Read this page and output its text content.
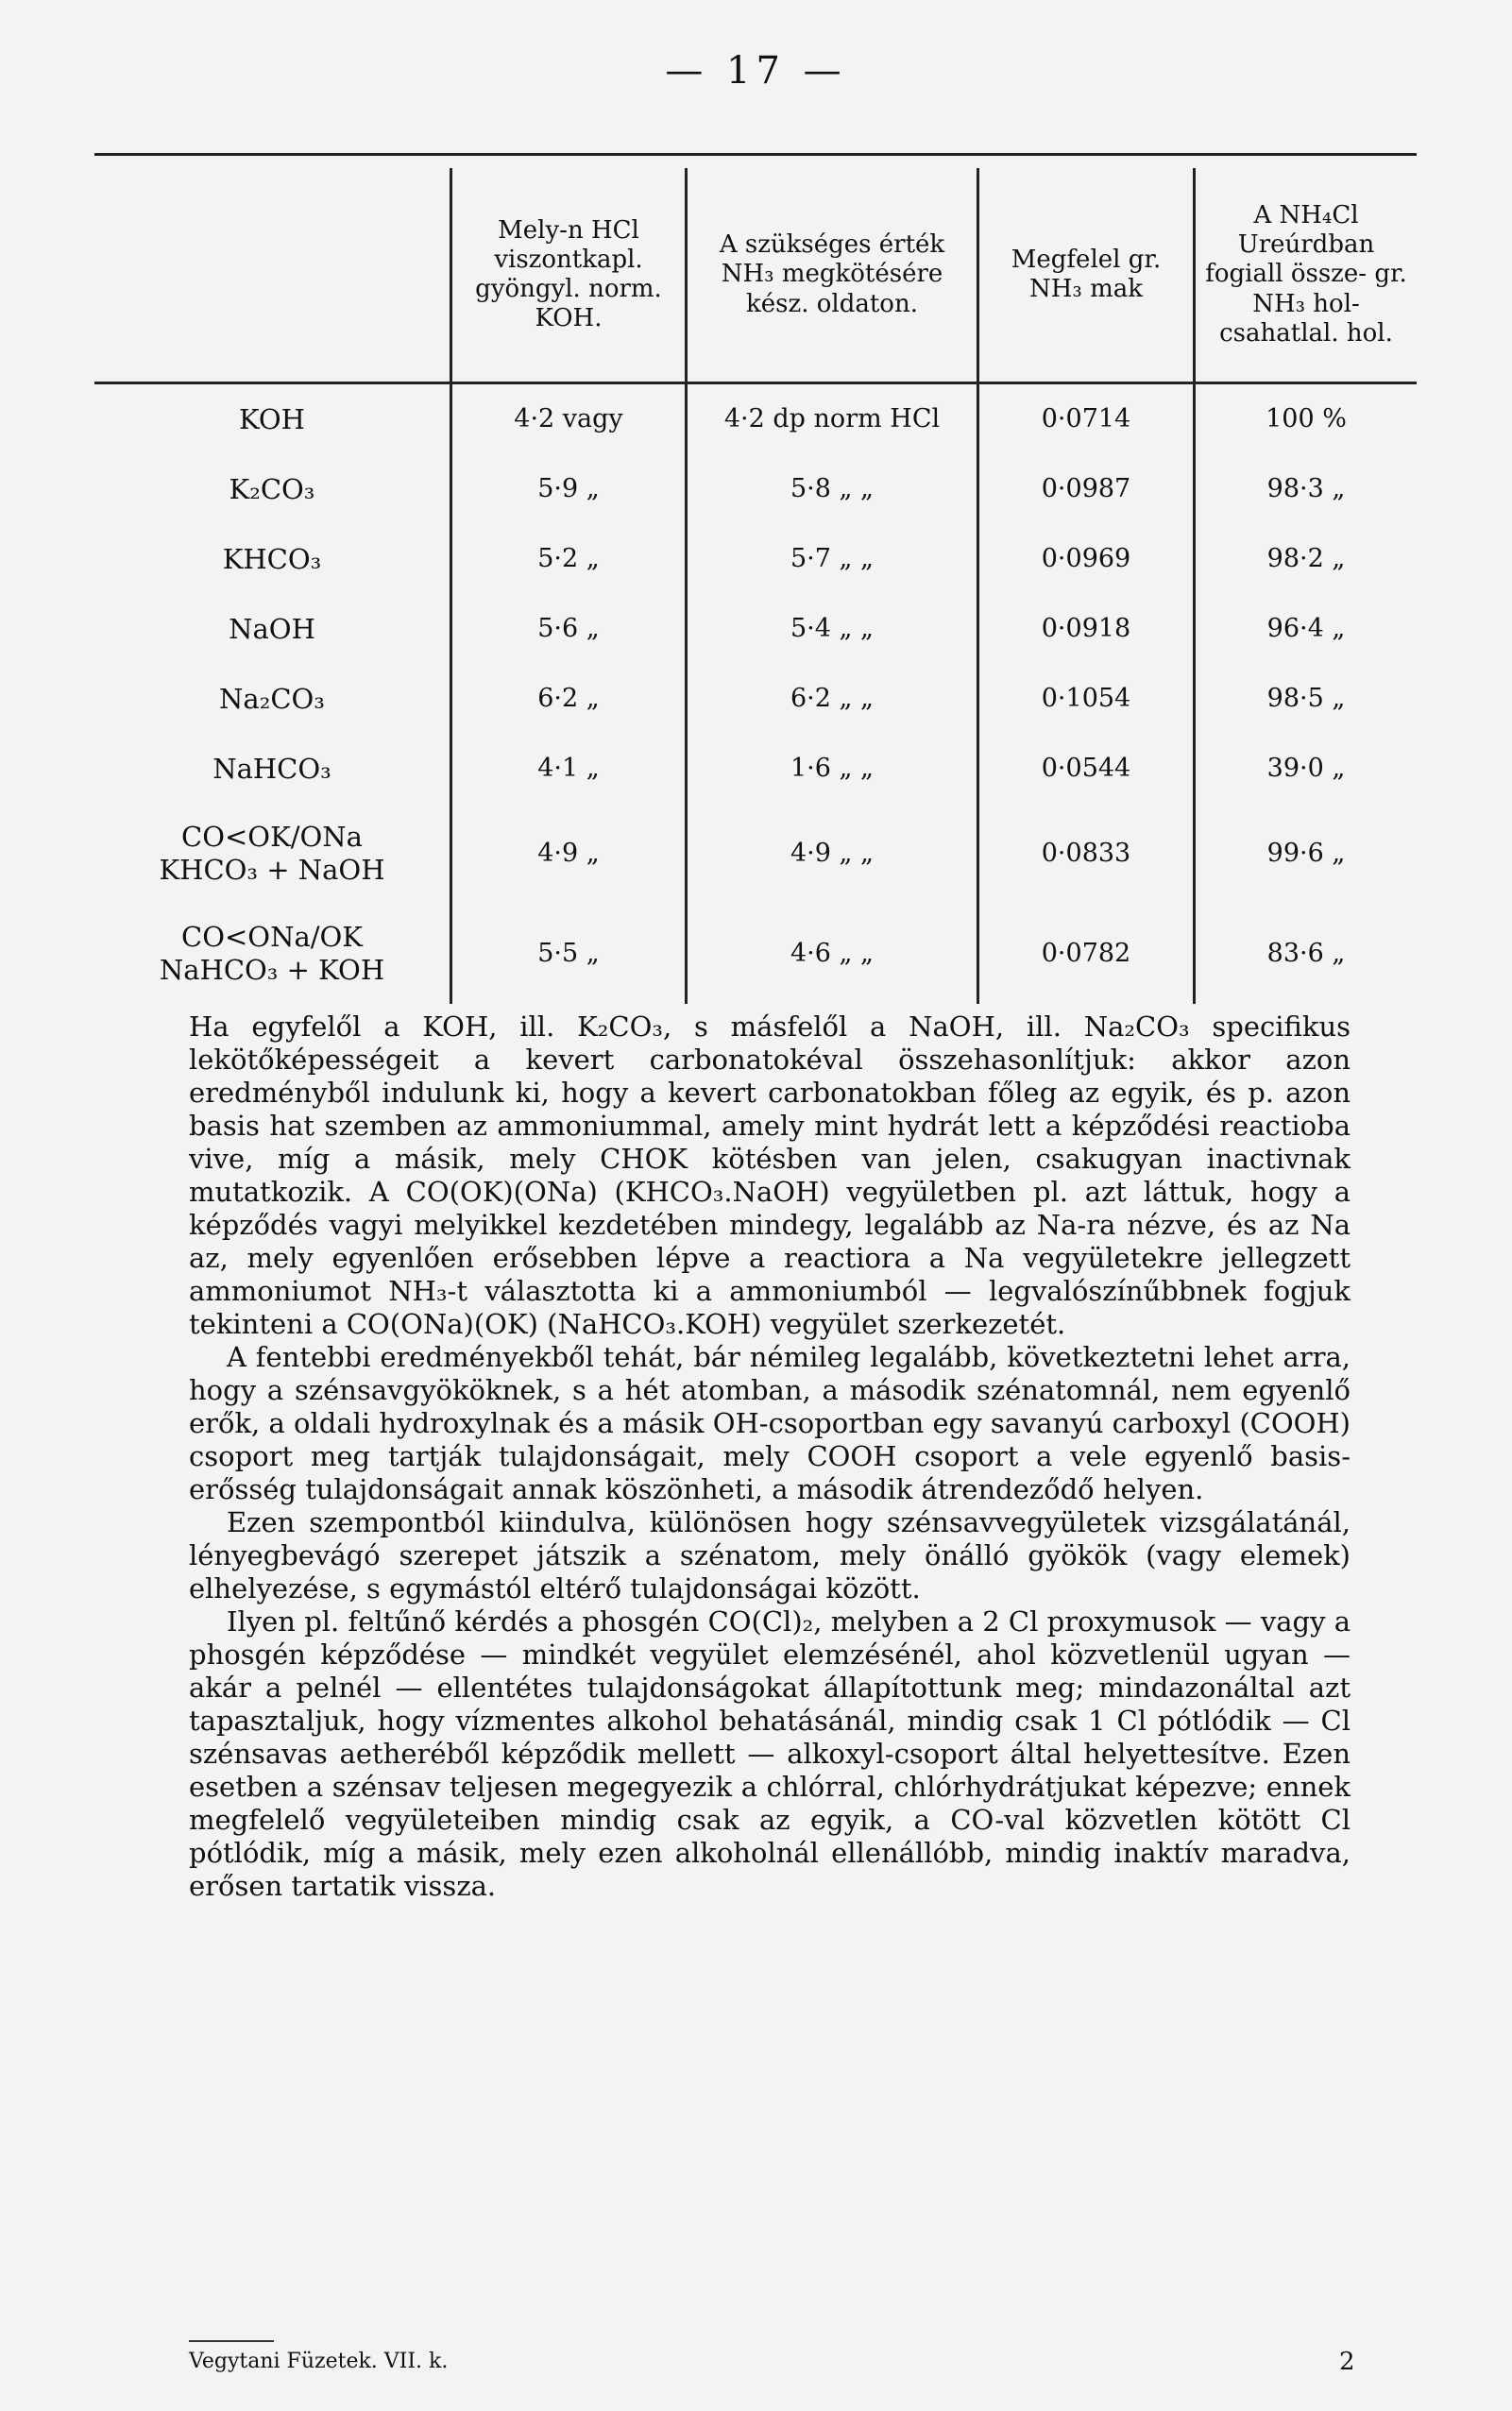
— 17 —
	Mely-n HCl viszontkapl. gyöngyl. norm. KOH.	A szükséges érték NH₃ megkötésére kész. oldaton.	Megfelel gr. NH₃ mak	A NH₄Cl Ureúrdban fogiall össze- gr. NH₃ hol- csahatlal. hol.
KOH	4·2 vagy	4·2 dp norm HCl	0·0714	100 %
K₂CO₃	5·9 „	5·8 „ „	0·0987	98·3 „
KHCO₃	5·2 „	5·7 „ „	0·0969	98·2 „
NaOH	5·6 „	5·4 „ „	0·0918	96·4 „
Na₂CO₃	6·2 „	6·2 „ „	0·1054	98·5 „
NaHCO₃	4·1 „	1·6 „ „	0·0544	39·0 „

CO<OK/ONa
KHCO₃ + NaOH	4·9 „	4·9 „ „	0·0833	99·6 „

CO<ONa/OK
NaHCO₃ + KOH	5·5 „	4·6 „ „	0·0782	83·6 „

Ha egyfelől a KOH, ill. K₂CO₃, s másfelől a NaOH, ill. Na₂CO₃ specifikus lekötőképességeit a kevert carbonatokéval összehasonlítjuk: akkor azon eredményből indulunk ki, hogy a kevert carbonatokban főleg az egyik, és p. azon basis hat szemben az ammoniummal, amely mint hydrát lett a képződési reactioba vive, míg a másik, mely CHOK kötésben van jelen, csakugyan inactivnak mutatkozik. A CO(OK)(ONa) (KHCO₃.NaOH) vegyületben pl. azt láttuk, hogy a képződés vagyi melyikkel kezdetében mindegy, legalább az Na-ra nézve, és az Na az, mely egyenlően erősebben lépve a reactiora a Na vegyületekre jellegzett ammoniumot NH₃-t választotta ki a ammoniumból — legvalószínűbbnek fogjuk tekinteni a CO(ONa)(OK) (NaHCO₃.KOH) vegyület szerkezetét.

A fentebbi eredményekből tehát, bár némileg legalább, következtetni lehet arra, hogy a szénsavgyököknek, s a hét atomban, a második szénatomnál, nem egyenlő erők, a oldali hydroxylnak és a másik OH-csoportban egy savanyú carboxyl (COOH) csoport meg tartják tulajdonságait, mely COOH csoport a vele egyenlő basis-erősség tulajdonságait annak köszönheti, a második átrendeződő helyen.

Ezen szempontból kiindulva, különösen hogy szénsavvegyületek vizsgálatánál, lényegbevágó szerepet játszik a szénatom, mely önálló gyökök (vagy elemek) elhelyezése, s egymástól eltérő tulajdonságai között.

Ilyen pl. feltűnő kérdés a phosgén CO(Cl)₂, melyben a 2 Cl proxymusok — vagy a phosgén képződése — mindkét vegyület elemzésénél, ahol közvetlenül ugyan — akár a pelnél — ellentétes tulajdonságokat állapítottunk meg; mindazonáltal azt tapasztaljuk, hogy vízmentes alkohol behatásánál, mindig csak 1 Cl pótlódik — Cl szénsavas aetheréből képződik mellett — alkoxyl-csoport által helyettesítve. Ezen esetben a szénsav teljesen megegyezik a chlórral, chlórhydrátjukat képezve; ennek megfelelő vegyületeiben mindig csak az egyik, a CO-val közvetlen kötött Cl pótlódik, míg a másik, mely ezen alkoholnál ellenállóbb, mindig inaktív maradva, erősen tartatik vissza.

Vegytani Füzetek. VII. k.	2
